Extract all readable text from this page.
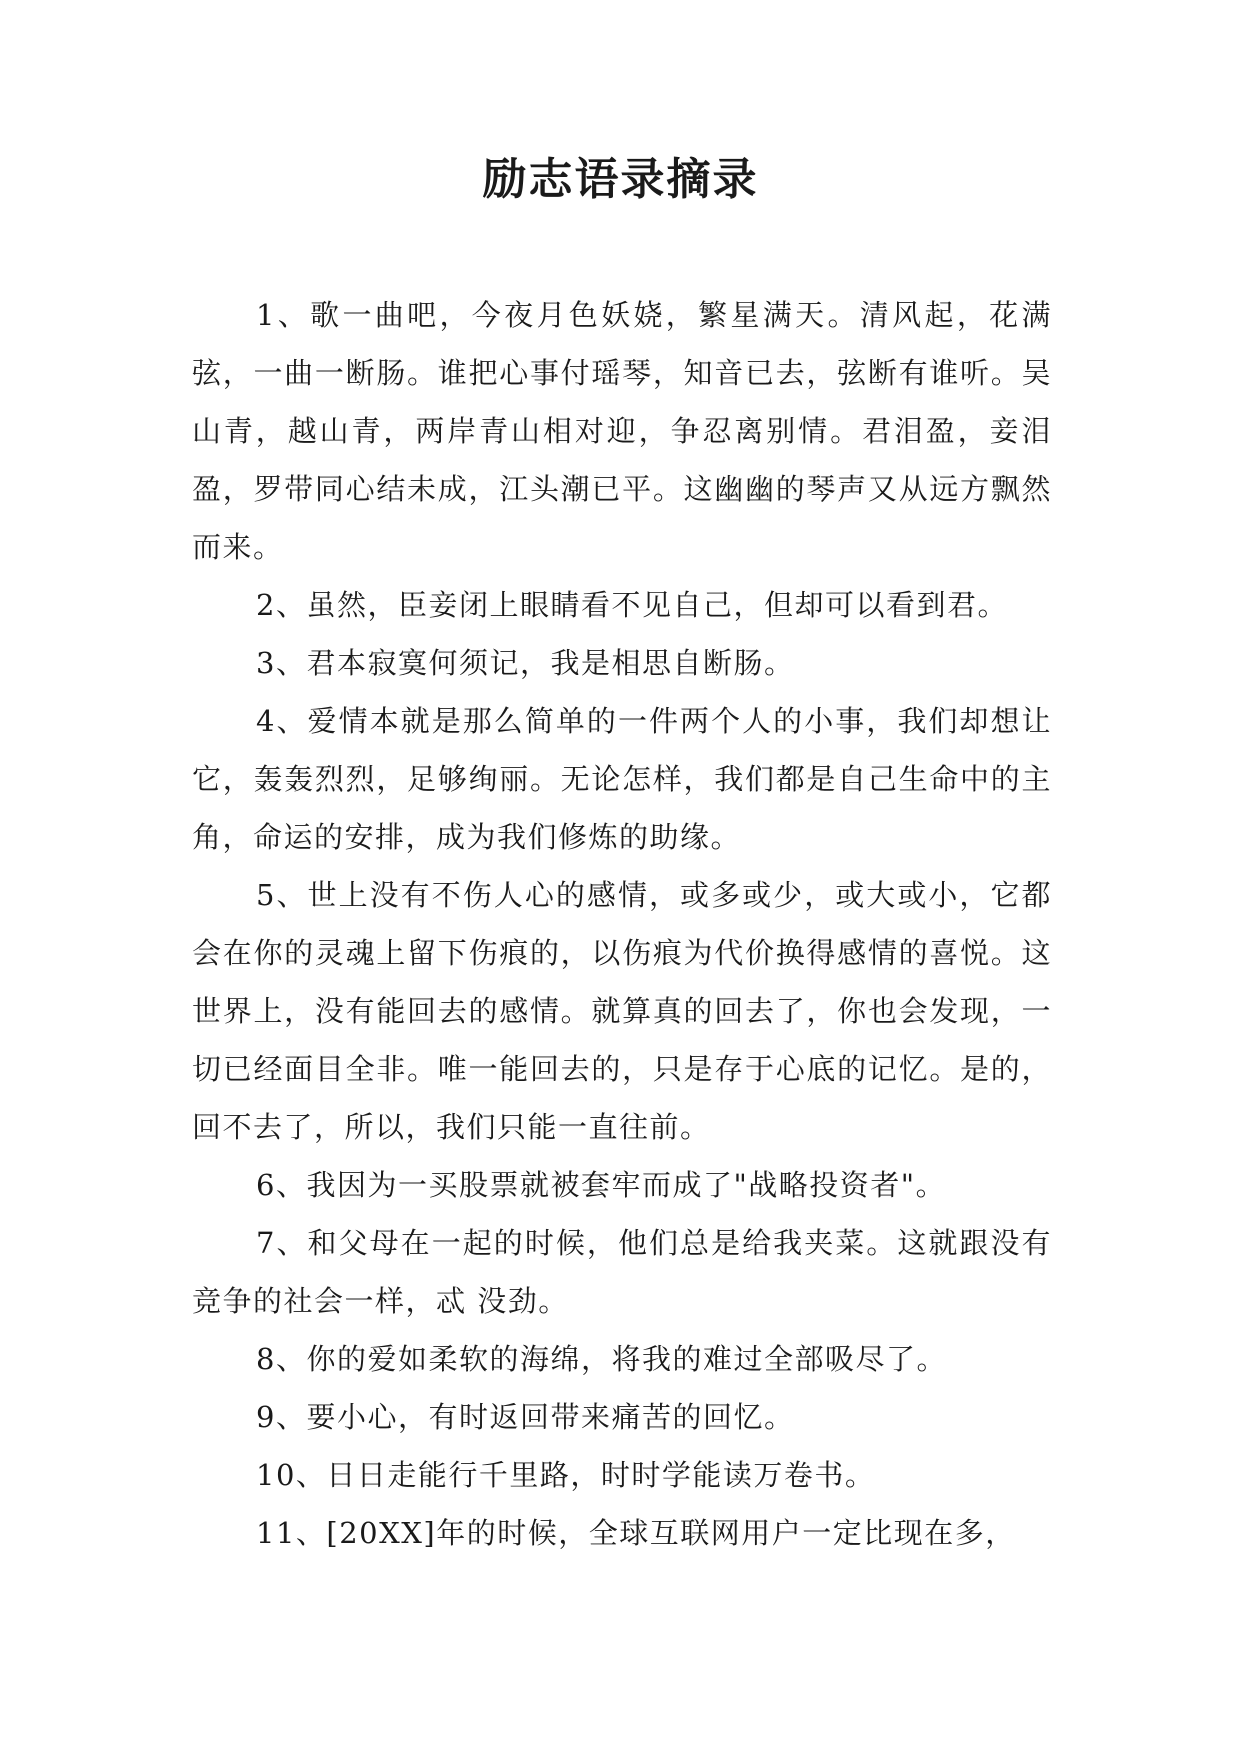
励志语录摘录

1、歌一曲吧，今夜月色妖娆，繁星满天。清风起，花满弦，一曲一断肠。谁把心事付瑶琴，知音已去，弦断有谁听。吴山青，越山青，两岸青山相对迎，争忍离别情。君泪盈，妾泪盈，罗带同心结未成，江头潮已平。这幽幽的琴声又从远方飘然而来。

2、虽然，臣妾闭上眼睛看不见自己，但却可以看到君。

3、君本寂寞何须记，我是相思自断肠。

4、爱情本就是那么简单的一件两个人的小事，我们却想让它，轰轰烈烈，足够绚丽。无论怎样，我们都是自己生命中的主角，命运的安排，成为我们修炼的助缘。

5、世上没有不伤人心的感情，或多或少，或大或小，它都会在你的灵魂上留下伤痕的，以伤痕为代价换得感情的喜悦。这世界上，没有能回去的感情。就算真的回去了，你也会发现，一切已经面目全非。唯一能回去的，只是存于心底的记忆。是的，回不去了，所以，我们只能一直往前。

6、我因为一买股票就被套牢而成了"战略投资者"。

7、和父母在一起的时候，他们总是给我夹菜。这就跟没有竞争的社会一样，忒 没劲。

8、你的爱如柔软的海绵，将我的难过全部吸尽了。

9、要小心，有时返回带来痛苦的回忆。

10、日日走能行千里路，时时学能读万卷书。

11、[20XX]年的时候，全球互联网用户一定比现在多，
